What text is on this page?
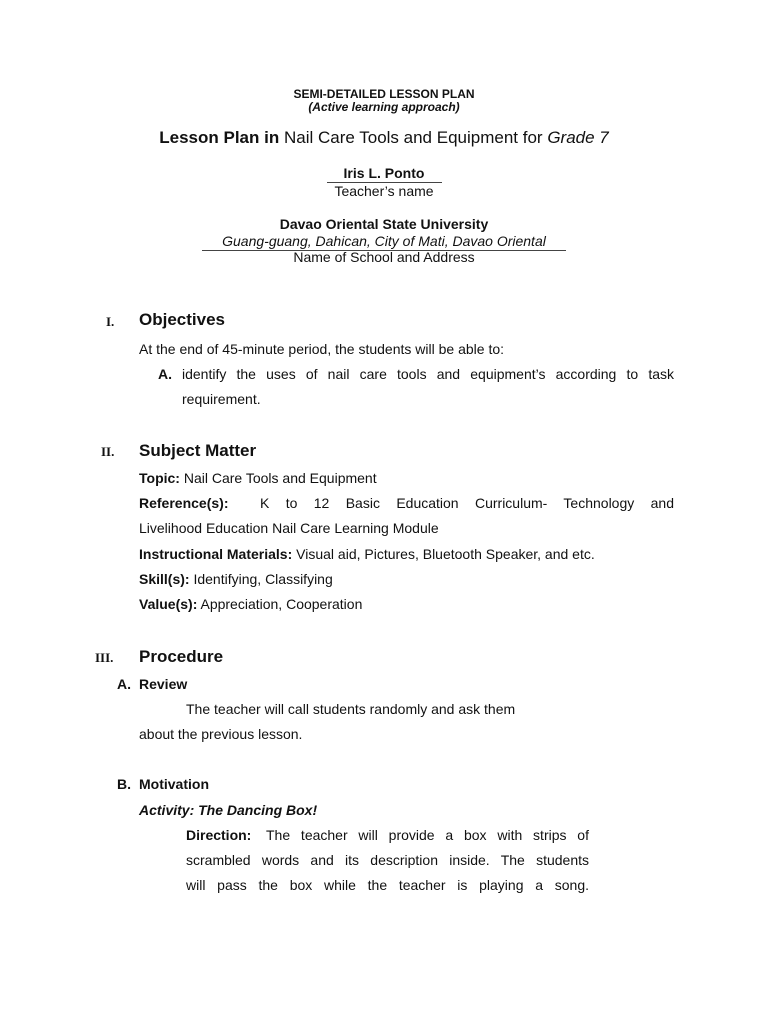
SEMI-DETAILED LESSON PLAN
(Active learning approach)
Lesson Plan in Nail Care Tools and Equipment for Grade 7
Iris L. Ponto
Teacher’s name
Davao Oriental State University
Guang-guang, Dahican, City of Mati, Davao Oriental
Name of School and Address
I. Objectives
At the end of 45-minute period, the students will be able to:
A. identify the uses of nail care tools and equipment’s according to task
requirement.
II. Subject Matter
Topic: Nail Care Tools and Equipment
Reference(s): K to 12 Basic Education Curriculum- Technology and
Livelihood Education Nail Care Learning Module
Instructional Materials: Visual aid, Pictures, Bluetooth Speaker, and etc.
Skill(s): Identifying, Classifying
Value(s): Appreciation, Cooperation
III. Procedure
A. Review
The teacher will call students randomly and ask them
about the previous lesson.
B. Motivation
Activity: The Dancing Box!
Direction: The teacher will provide a box with strips of
scrambled words and its description inside. The students
will pass the box while the teacher is playing a song.
